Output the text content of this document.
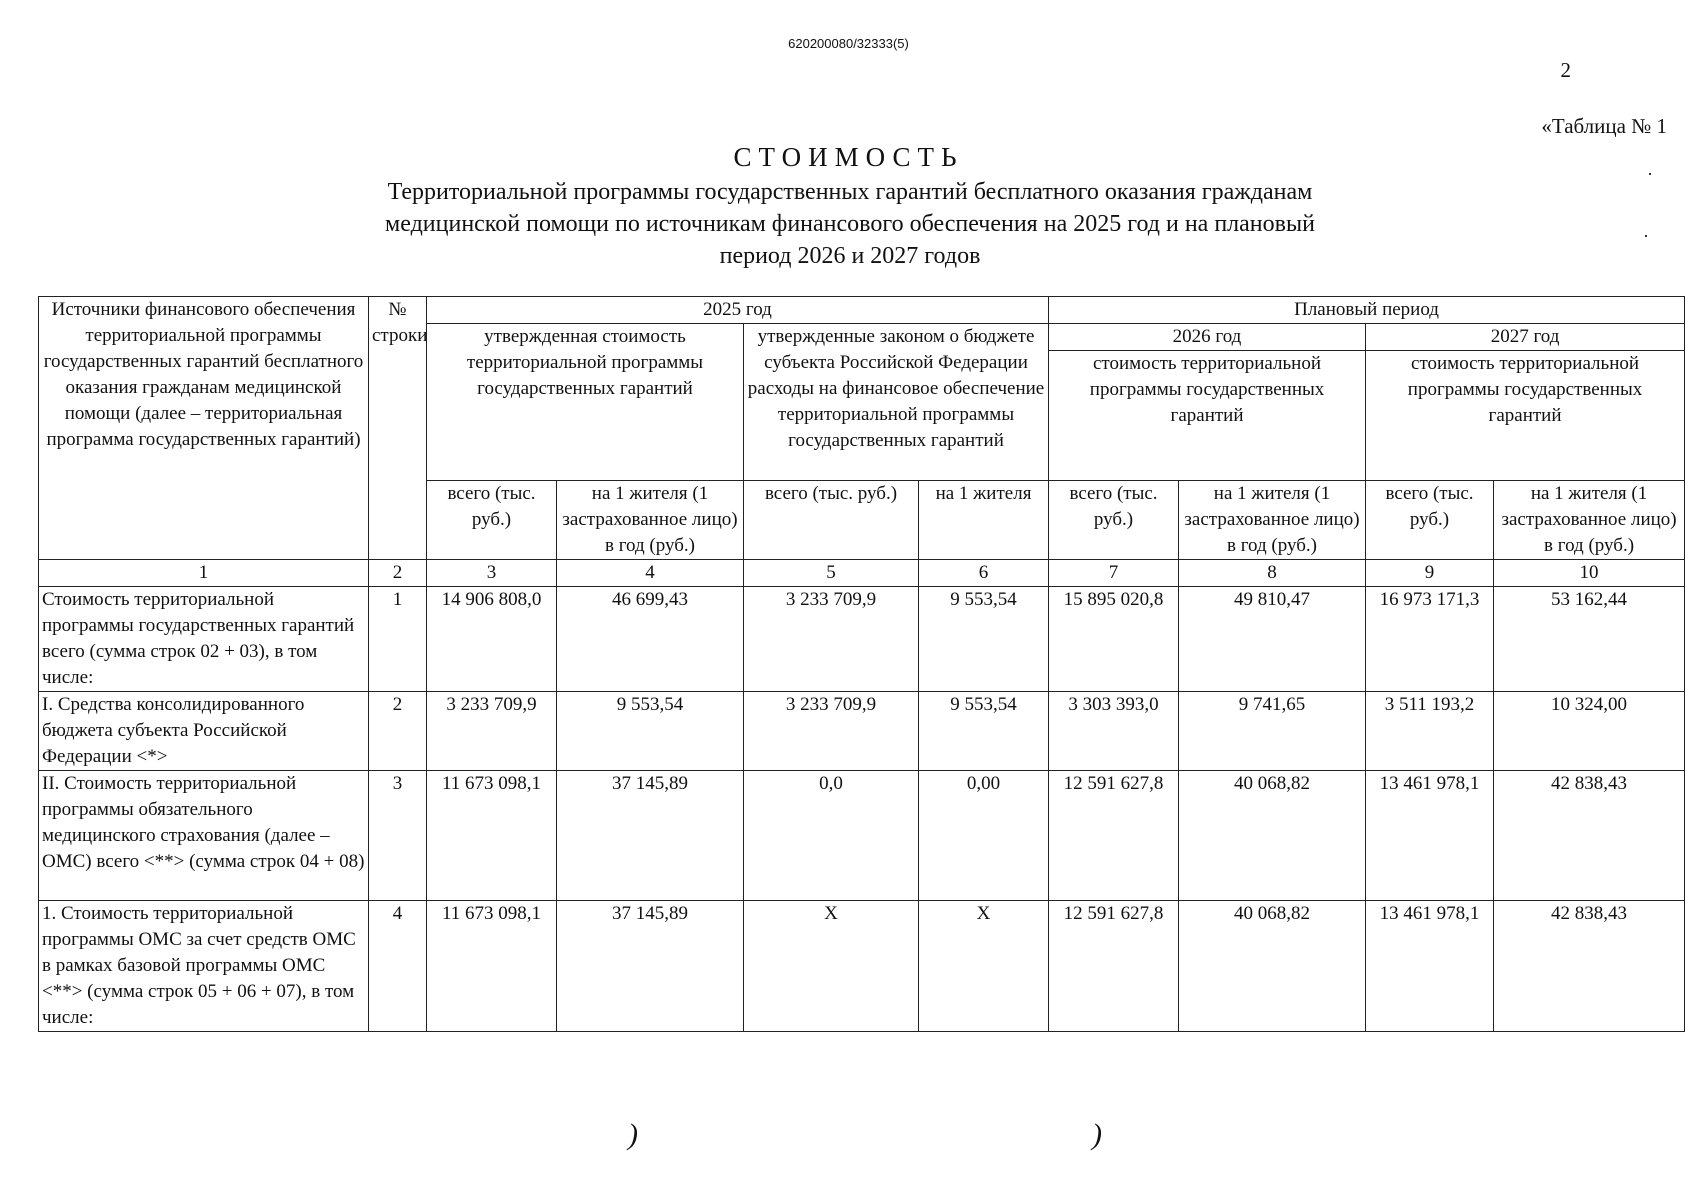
620200080/32333(5)
2
«Таблица № 1
СТОИМОСТЬ
Территориальной программы государственных гарантий бесплатного оказания гражданам медицинской помощи по источникам финансового обеспечения на 2025 год и на плановый период 2026 и 2027 годов
Источники финансового обеспечения территориальной программы государственных гарантий бесплатного оказания гражданам медицинской помощи (далее – территориальная программа государственных гарантий)	№ строки	2025 год				Плановый период			
		утвержденная стоимость территориальной программы государственных гарантий		утвержденные законом о бюджете субъекта Российской Федерации расходы на финансовое обеспечение территориальной программы государственных гарантий		2026 год		2027 год	
						стоимость территориальной программы государственных гарантий		стоимость территориальной программы государственных гарантий	
		всего (тыс. руб.)	на 1 жителя (1 застрахованное лицо) в год (руб.)	всего (тыс. руб.)	на 1 жителя	всего (тыс. руб.)	на 1 жителя (1 застрахованное лицо) в год (руб.)	всего (тыс. руб.)	на 1 жителя (1 застрахованное лицо) в год (руб.)
1	2	3	4	5	6	7	8	9	10
Стоимость территориальной программы государственных гарантий всего (сумма строк 02 + 03), в том числе:	1	14 906 808,0	46 699,43	3 233 709,9	9 553,54	15 895 020,8	49 810,47	16 973 171,3	53 162,44
I. Средства консолидированного бюджета субъекта Российской Федерации <*>	2	3 233 709,9	9 553,54	3 233 709,9	9 553,54	3 303 393,0	9 741,65	3 511 193,2	10 324,00
II. Стоимость территориальной программы обязательного медицинского страхования (далее – ОМС) всего <**> (сумма строк 04 + 08)	3	11 673 098,1	37 145,89	0,0	0,00	12 591 627,8	40 068,82	13 461 978,1	42 838,43
1. Стоимость территориальной программы ОМС за счет средств ОМС в рамках базовой программы ОМС <**> (сумма строк 05 + 06 + 07), в том числе:	4	11 673 098,1	37 145,89	X	X	12 591 627,8	40 068,82	13 461 978,1	42 838,43
)	)
